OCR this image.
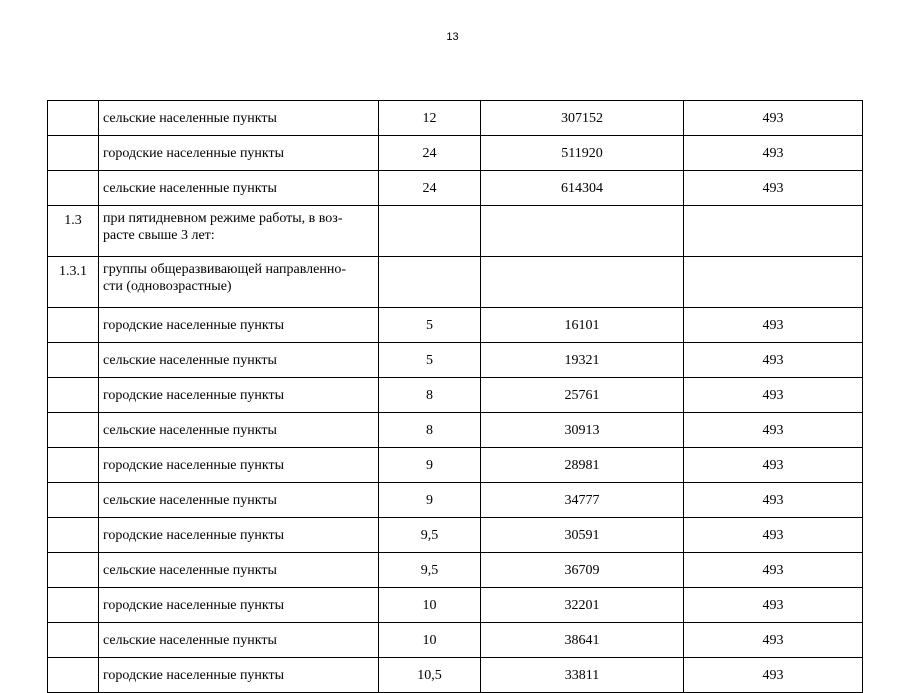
13
	сельские населенные пункты	12	307152	493
	городские населенные пункты	24	511920	493
	сельские населенные пункты	24	614304	493
1.3	при пятидневном режиме работы, в воз-
расте свыше 3 лет:			
1.3.1	группы общеразвивающей направленно-
сти (одновозрастные)			
	городские населенные пункты	5	16101	493
	сельские населенные пункты	5	19321	493
	городские населенные пункты	8	25761	493
	сельские населенные пункты	8	30913	493
	городские населенные пункты	9	28981	493
	сельские населенные пункты	9	34777	493
	городские населенные пункты	9,5	30591	493
	сельские населенные пункты	9,5	36709	493
	городские населенные пункты	10	32201	493
	сельские населенные пункты	10	38641	493
	городские населенные пункты	10,5	33811	493
